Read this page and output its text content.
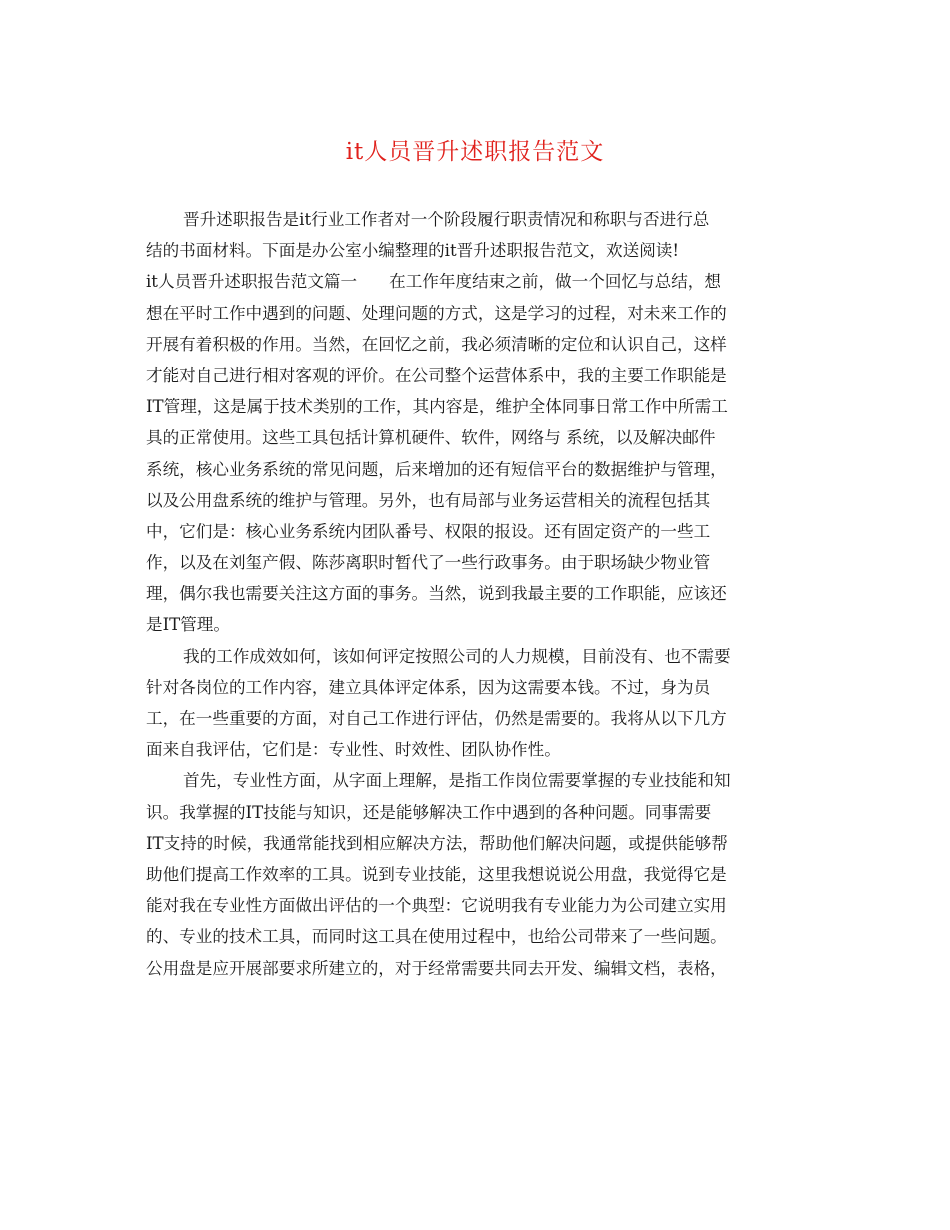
it人员晋升述职报告范文
晋升述职报告是it行业工作者对一个阶段履行职责情况和称职与否进行总
结的书面材料。下面是办公室小编整理的it晋升述职报告范文，欢送阅读!
it人员晋升述职报告范文篇一 在工作年度结束之前，做一个回忆与总结，想
想在平时工作中遇到的问题、处理问题的方式，这是学习的过程，对未来工作的
开展有着积极的作用。当然，在回忆之前，我必须清晰的定位和认识自己，这样
才能对自己进行相对客观的评价。在公司整个运营体系中，我的主要工作职能是
IT管理，这是属于技术类别的工作，其内容是，维护全体同事日常工作中所需工
具的正常使用。这些工具包括计算机硬件、软件，网络与 系统，以及解决邮件
系统，核心业务系统的常见问题，后来增加的还有短信平台的数据维护与管理，
以及公用盘系统的维护与管理。另外，也有局部与业务运营相关的流程包括其
中，它们是：核心业务系统内团队番号、权限的报设。还有固定资产的一些工
作，以及在刘玺产假、陈莎离职时暂代了一些行政事务。由于职场缺少物业管
理，偶尔我也需要关注这方面的事务。当然，说到我最主要的工作职能，应该还
是IT管理。
我的工作成效如何，该如何评定按照公司的人力规模，目前没有、也不需要
针对各岗位的工作内容，建立具体评定体系，因为这需要本钱。不过，身为员
工，在一些重要的方面，对自己工作进行评估，仍然是需要的。我将从以下几方
面来自我评估，它们是：专业性、时效性、团队协作性。
首先，专业性方面，从字面上理解，是指工作岗位需要掌握的专业技能和知
识。我掌握的IT技能与知识，还是能够解决工作中遇到的各种问题。同事需要
IT支持的时候，我通常能找到相应解决方法，帮助他们解决问题，或提供能够帮
助他们提高工作效率的工具。说到专业技能，这里我想说说公用盘，我觉得它是
能对我在专业性方面做出评估的一个典型：它说明我有专业能力为公司建立实用
的、专业的技术工具，而同时这工具在使用过程中，也给公司带来了一些问题。
公用盘是应开展部要求所建立的，对于经常需要共同去开发、编辑文档，表格，
